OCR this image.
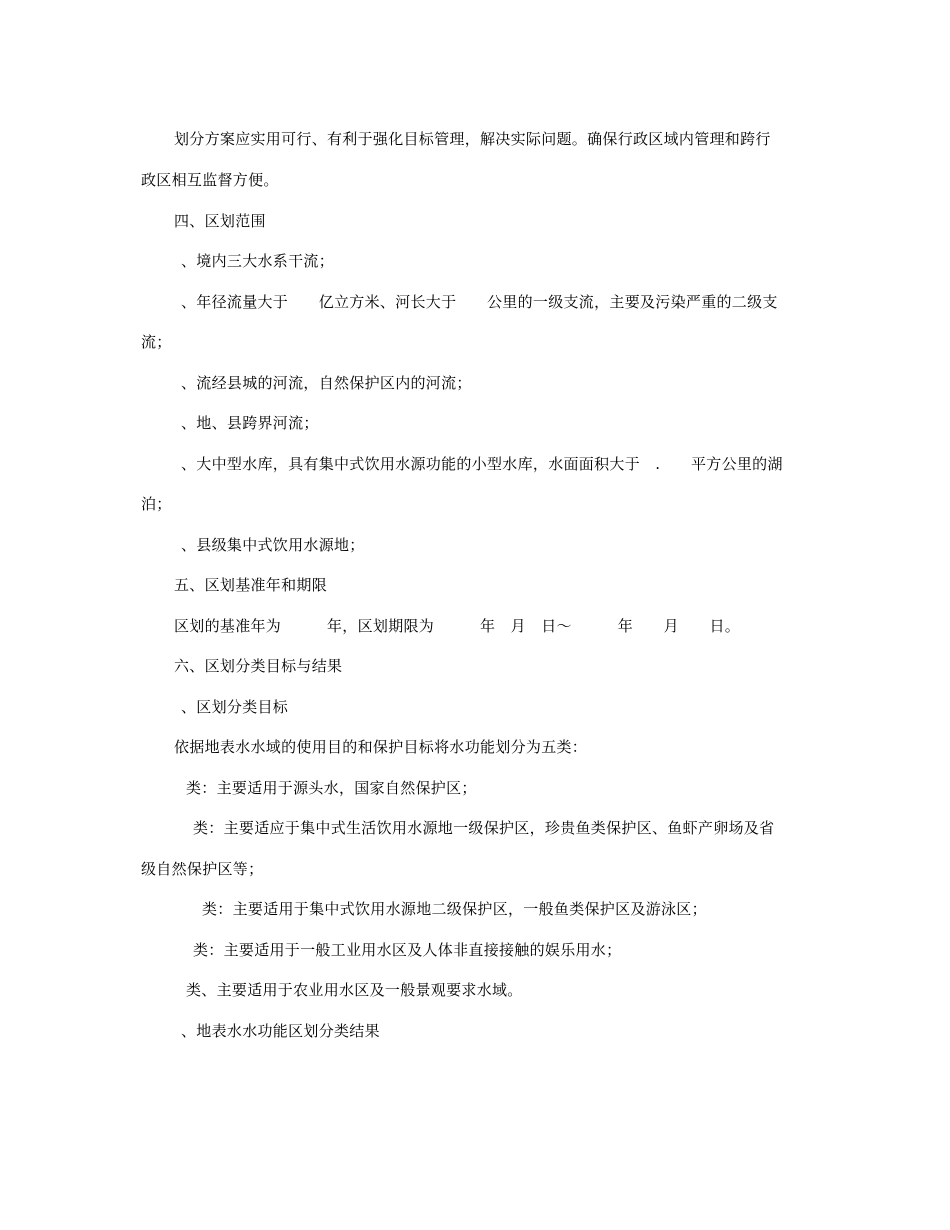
划分方案应实用可行、有利于强化目标管理，解决实际问题。确保行政区域内管理和跨行
政区相互监督方便。
四、区划范围
、境内三大水系干流；
、年径流量大于　　亿立方米、河长大于　　公里的一级支流，主要及污染严重的二级支
流；
、流经县城的河流，自然保护区内的河流；
、地、县跨界河流；
、大中型水库，具有集中式饮用水源功能的小型水库，水面面积大于　.　　平方公里的湖
泊；
、县级集中式饮用水源地；
五、区划基准年和期限
区划的基准年为　　　年，区划期限为　　　年　月　日～　　　年　　月　　日。
六、区划分类目标与结果
、区划分类目标
依据地表水水域的使用目的和保护目标将水功能划分为五类：
类：主要适用于源头水，国家自然保护区；
类：主要适应于集中式生活饮用水源地一级保护区，珍贵鱼类保护区、鱼虾产卵场及省
级自然保护区等；
类：主要适用于集中式饮用水源地二级保护区，一般鱼类保护区及游泳区；
类：主要适用于一般工业用水区及人体非直接接触的娱乐用水；
类、主要适用于农业用水区及一般景观要求水域。
、地表水水功能区划分类结果
